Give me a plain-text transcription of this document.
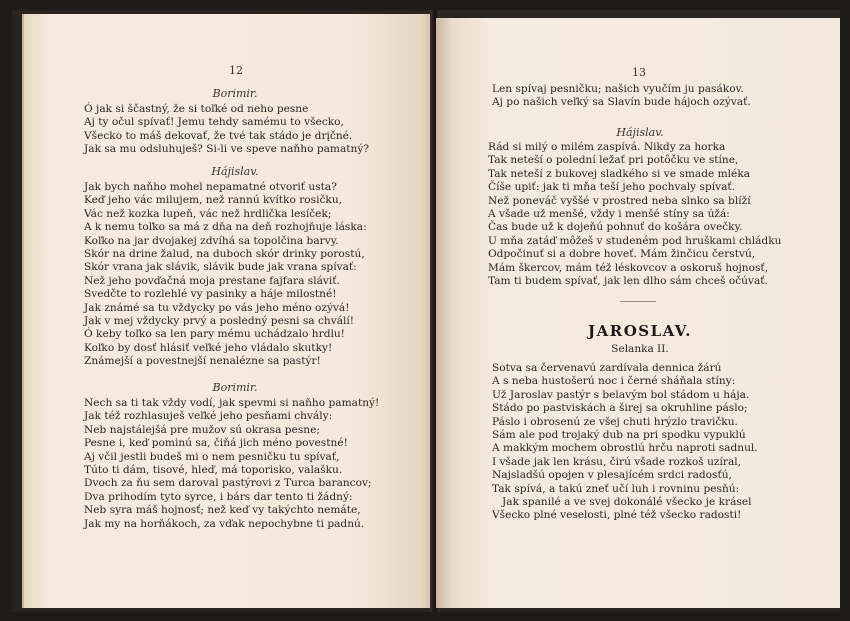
12
Borimir.
Ó jak si ščastný, že si toľké od neho pesne
Aj ty očul spívať! Jemu tehdy samému to všecko,
Všecko to máš dekovať, že tvé tak stádo je drįčné.
Jak sa mu odsluhuješ? Si-li ve speve naňho pamatný?
Hájislav.
Jak bych naňho mohel nepamatné otvoriť usta?
Keď jeho vác milujem, než rannú kvítko rosičku,
Vác než kozka lupeň, vác než hrdlička lesíček;
A k nemu toľko sa má z dňa na deň rozhojňuje láska:
Koľko na jar dvojakej zdvíhá sa topolčina barvy.
Skór na drine žalud, na duboch skór drinky porostú,
Skór vrana jak slávik, slávik bude jak vrana spívať:
Než jeho povďačná moja prestane fajfara sláviť.
Svedčte to rozlehlé vy pasinky a háje milostné!
Jak známé sa tu vždycky po vás jeho méno ozývá!
Jak v mej vždycky prvý a posledný pesni sa chválí!
Ó keby toľko sa len pary mému uchádzalo hrdlu!
Koľko by dosť hlásiť veľké jeho vládalo skutky!
Známejší a povestnejší nenalézne sa pastýr!
Borimir.
Nech sa ti tak vždy vodí, jak spevmi si naňho pamatný!
Jak též rozhlasuješ veľké jeho pesňami chvály:
Neb najstálejšá pre mužov sú okrasa pesne;
Pesne i, keď pominú sa, čiňá jich méno povestné!
Aj včil jestli budeš mi o nem pesničku tu spívať,
Túto ti dám, tisové, hleď, má toporisko, valašku.
Dvoch za ňu sem daroval pastýrovi z Turca barancov;
Dva prihodím tyto syrce, i bárs dar tento ti žádný:
Neb syra máš hojnosť; než keď vy takýchto nemáte,
Jak my na horňákoch, za vďak nepochybne ti padnú.
13
Len spívaj pesničku; našich vyučím ju pasákov.
Aj po našich veľký sa Slavín bude hájoch ozývať.
Hájislav.
Rád si milý o milém zaspívá. Nikdy za horka
Tak neteší o polední ležať pri potôčku ve stíne,
Tak neteší z bukovej sladkého si ve smade mléka
Číše upiť: jak ti mňa teší jeho pochvaly spívať.
Než poneváč vyššé v prostred neba slnko sa blíží
A všade už menšé, vždy i menšé stíny sa úžá:
Čas bude už k dojeňú pohnuť do košára ovečky.
U mňa zatáď môžeš v studeném pod hruškami chládku
Odpočinuť si a dobre hoveť. Mám žinčicu čerstvú,
Mám škercov, mám též léskovcov a oskoruš hojnosť,
Tam ti budem spívať, jak len dlho sám chceš očúvať.
JAROSLAV.
Selanka II.
Sotva sa červenavú zardívala dennica žárú
A s neba hustošerú noc i černé sháňala stíny:
Už Jaroslav pastýr s belavým bol stádom u hája.
Stádo po pastviskách a širej sa okruhline páslo;
Páslo i obrosenú ze všej chuti hrýzlo travičku.
Sám ale pod trojaký dub na pri spodku vypuklú
A makkým mochem obrostlú hrču naproti sadnul.
I všade jak len krásu, čirú všade rozkoš uzíral,
Najsladšú opojen v plesajícém srdci radosťú,
Tak spívá, a takú zneť učí luh i rovninu pesňú:
Jak spanilé a ve svej dokonálé všecko je krásel
Všecko plné veselosti, plné též všecko radosti!
